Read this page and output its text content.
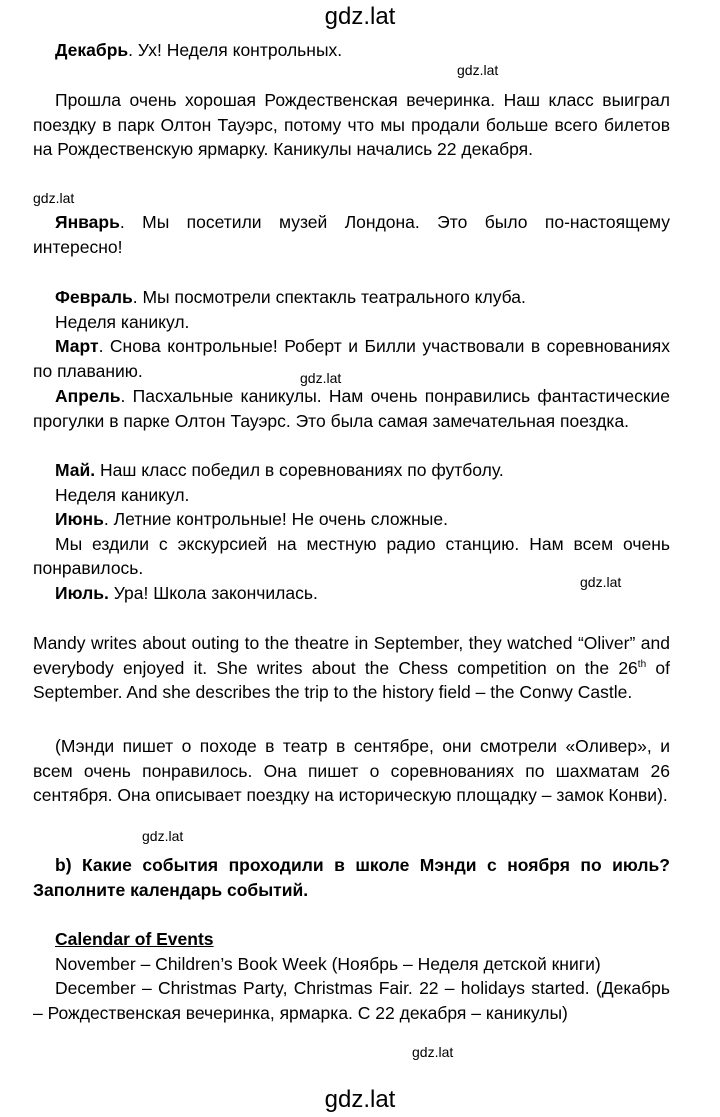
gdz.lat
gdz.lat
gdz.lat
gdz.lat
gdz.lat
gdz.lat
gdz.lat

Декабрь. Ух! Неделя контрольных.

Прошла очень хорошая Рождественская вечеринка. Наш класс выиграл поездку в парк Олтон Тауэрс, потому что мы продали больше всего билетов на Рождественскую ярмарку. Каникулы начались 22 декабря.

Январь. Мы посетили музей Лондона. Это было по-настоящему интересно!

Февраль. Мы посмотрели спектакль театрального клуба.

Неделя каникул.

Март. Снова контрольные! Роберт и Билли участвовали в соревнованиях по плаванию.

Апрель. Пасхальные каникулы. Нам очень понравились фантастические прогулки в парке Олтон Тауэрс. Это была самая замечательная поездка.

Май. Наш класс победил в соревнованиях по футболу.

Неделя каникул.

Июнь. Летние контрольные! Не очень сложные.

Мы ездили с экскурсией на местную радио станцию. Нам всем очень понравилось.

Июль. Ура! Школа закончилась.

Mandy writes about outing to the theatre in September, they watched “Oliver” and everybody enjoyed it. She writes about the Chess competition on the 26th of September. And she describes the trip to the history field – the Conwy Castle.

(Мэнди пишет о походе в театр в сентябре, они смотрели «Оливер», и всем очень понравилось. Она пишет о соревнованиях по шахматам 26 сентября. Она описывает поездку на историческую площадку – замок Конви).

b) Какие события проходили в школе Мэнди с ноября по июль? Заполните календарь событий.

Calendar of Events

November – Children’s Book Week (Ноябрь – Неделя детской книги)

December – Christmas Party, Christmas Fair. 22 – holidays started. (Декабрь – Рождественская вечеринка, ярмарка. С 22 декабря – каникулы)

gdz.lat
